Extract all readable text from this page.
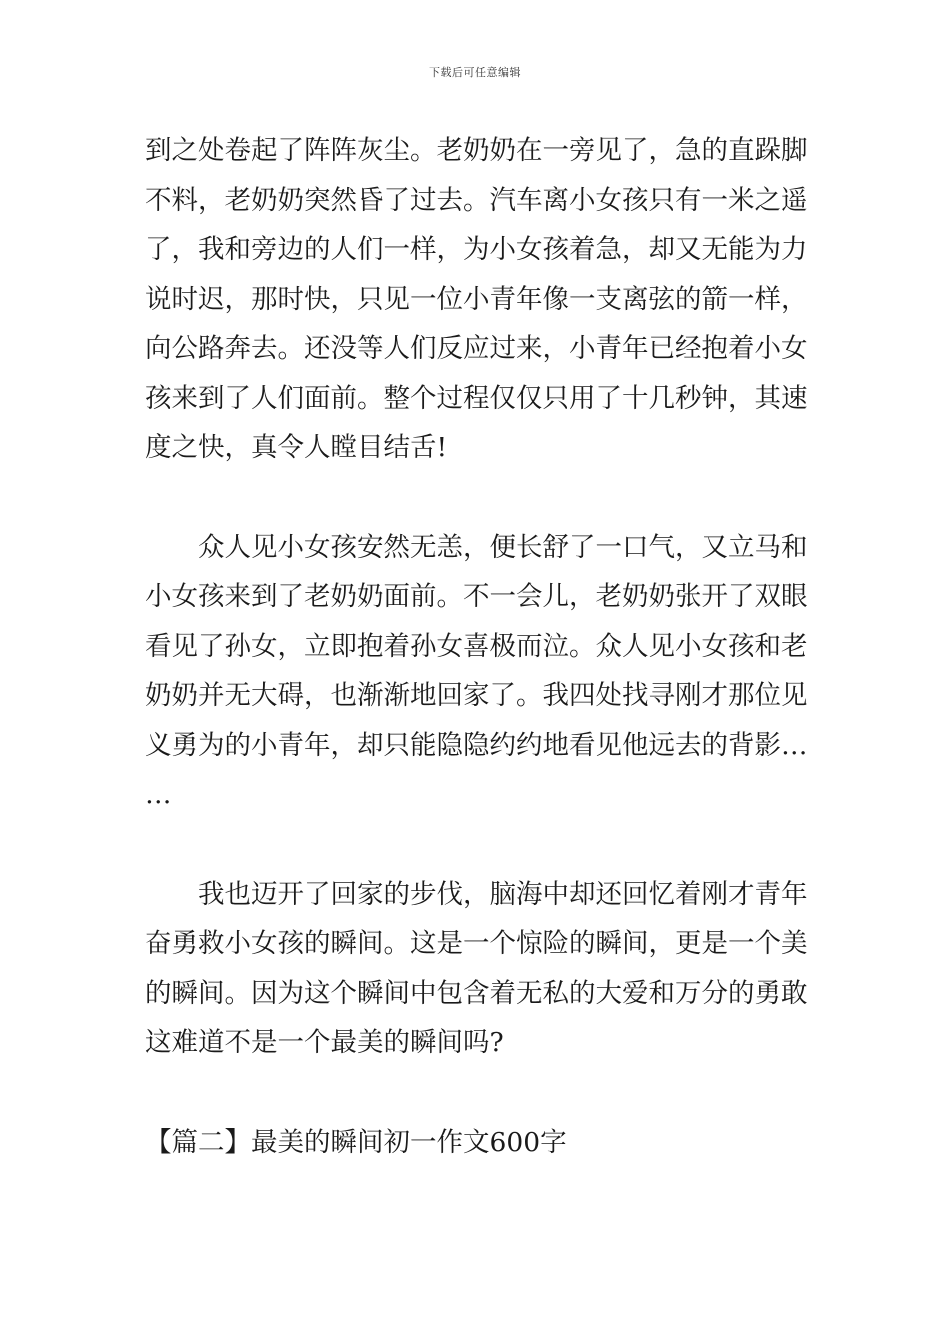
下载后可任意编辑
到之处卷起了阵阵灰尘。老奶奶在一旁见了，急的直跺脚
不料，老奶奶突然昏了过去。汽车离小女孩只有一米之遥
了，我和旁边的人们一样，为小女孩着急，却又无能为力
说时迟，那时快，只见一位小青年像一支离弦的箭一样，
向公路奔去。还没等人们反应过来，小青年已经抱着小女
孩来到了人们面前。整个过程仅仅只用了十几秒钟，其速
度之快，真令人瞠目结舌!
众人见小女孩安然无恙，便长舒了一口气，又立马和
小女孩来到了老奶奶面前。不一会儿，老奶奶张开了双眼
看见了孙女，立即抱着孙女喜极而泣。众人见小女孩和老
奶奶并无大碍，也渐渐地回家了。我四处找寻刚才那位见
义勇为的小青年，却只能隐隐约约地看见他远去的背影…
…
我也迈开了回家的步伐，脑海中却还回忆着刚才青年
奋勇救小女孩的瞬间。这是一个惊险的瞬间，更是一个美
的瞬间。因为这个瞬间中包含着无私的大爱和万分的勇敢
这难道不是一个最美的瞬间吗?
【篇二】最美的瞬间初一作文600字
